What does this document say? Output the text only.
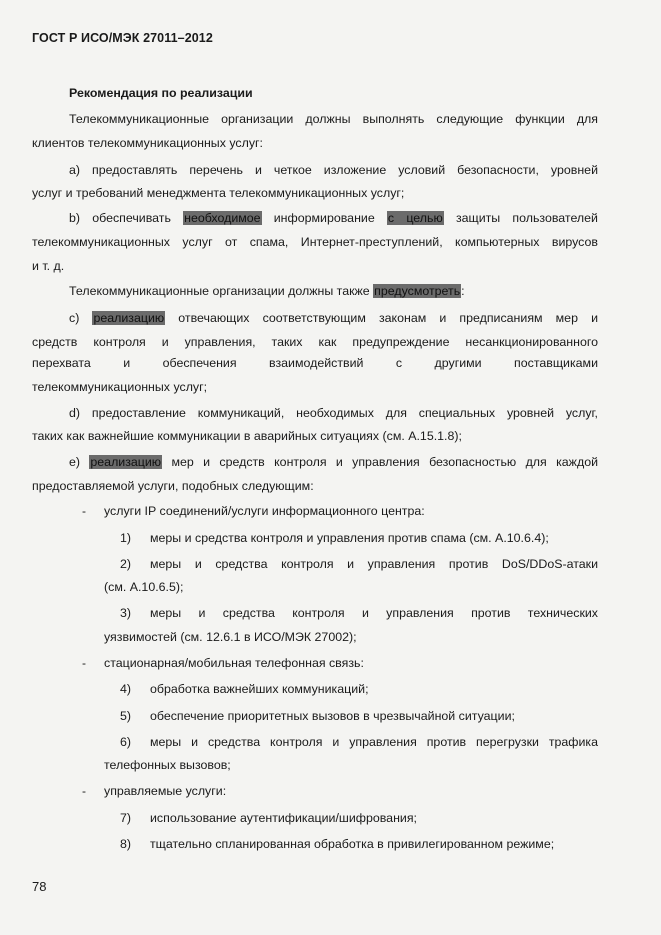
ГОСТ Р ИСО/МЭК 27011–2012
Рекомендация по реализации
Телекоммуникационные организации должны выполнять следующие функции для
клиентов телекоммуникационных услуг:
а) предоставлять перечень и четкое изложение условий безопасности, уровней
услуг и требований менеджмента телекоммуникационных услуг;
b) обеспечивать необходимое информирование с целью защиты пользователей
телекоммуникационных услуг от спама, Интернет-преступлений, компьютерных вирусов
и т. д.
Телекоммуникационные организации должны также предусмотреть:
с) реализацию отвечающих соответствующим законам и предписаниям мер и
средств контроля и управления, таких как предупреждение несанкционированного
перехвата и обеспечения взаимодействий с другими поставщиками
телекоммуникационных услуг;
d) предоставление коммуникаций, необходимых для специальных уровней услуг,
таких как важнейшие коммуникации в аварийных ситуациях (см. А.15.1.8);
е) реализацию мер и средств контроля и управления безопасностью для каждой
предоставляемой услуги, подобных следующим:
- услуги IP соединений/услуги информационного центра:
1) меры и средства контроля и управления против спама (см. А.10.6.4);
2)	меры и средства контроля и управления против DoS/DDoS-атаки
(см. А.10.6.5);
3)	меры и средства контроля и управления против технических
уязвимостей (см. 12.6.1 в ИСО/МЭК 27002);
- стационарная/мобильная телефонная связь:
4) обработка важнейших коммуникаций;
5) обеспечение приоритетных вызовов в чрезвычайной ситуации;
6)	меры и средства контроля и управления против перегрузки трафика
телефонных вызовов;
- управляемые услуги:
7) использование аутентификации/шифрования;
8) тщательно спланированная обработка в привилегированном режиме;
78
